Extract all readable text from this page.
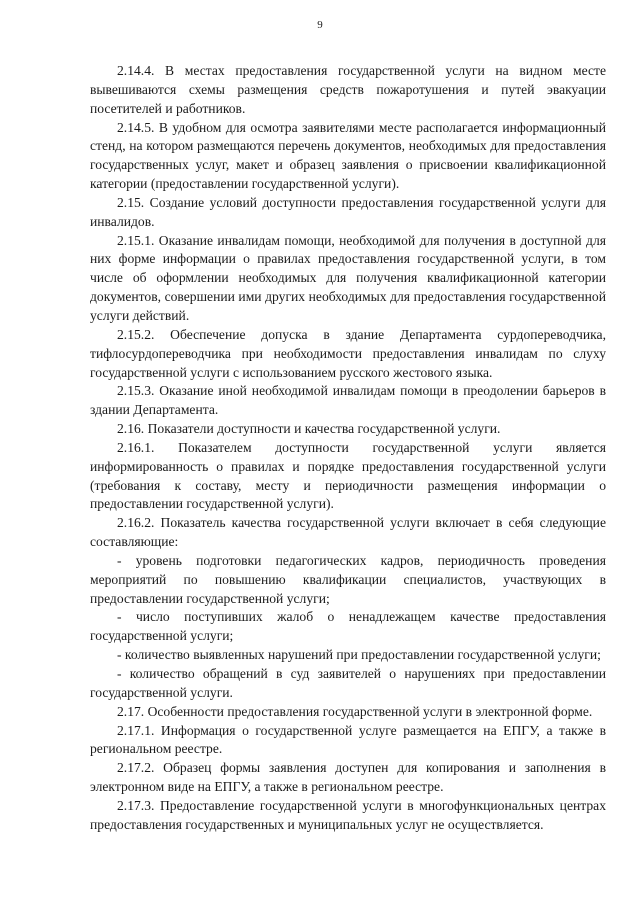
9

2.14.4. В местах предоставления государственной услуги на видном месте вывешиваются схемы размещения средств пожаротушения и путей эвакуации посетителей и работников.

2.14.5. В удобном для осмотра заявителями месте располагается информационный стенд, на котором размещаются перечень документов, необходимых для предоставления государственных услуг, макет и образец заявления о присвоении квалификационной категории (предоставлении государственной услуги).

2.15. Создание условий доступности предоставления государственной услуги для инвалидов.

2.15.1. Оказание инвалидам помощи, необходимой для получения в доступной для них форме информации о правилах предоставления государственной услуги, в том числе об оформлении необходимых для получения квалификационной категории документов, совершении ими других необходимых для предоставления государственной услуги действий.

2.15.2. Обеспечение допуска в здание Департамента сурдопереводчика, тифлосурдопереводчика при необходимости предоставления инвалидам по слуху государственной услуги с использованием русского жестового языка.

2.15.3. Оказание иной необходимой инвалидам помощи в преодолении барьеров в здании Департамента.

2.16. Показатели доступности и качества государственной услуги.

2.16.1. Показателем доступности государственной услуги является информированность о правилах и порядке предоставления государственной услуги (требования к составу, месту и периодичности размещения информации о предоставлении государственной услуги).

2.16.2. Показатель качества государственной услуги включает в себя следующие составляющие:

- уровень подготовки педагогических кадров, периодичность проведения мероприятий по повышению квалификации специалистов, участвующих в предоставлении государственной услуги;

- число поступивших жалоб о ненадлежащем качестве предоставления государственной услуги;

- количество выявленных нарушений при предоставлении государственной услуги;

- количество обращений в суд заявителей о нарушениях при предоставлении государственной услуги.

2.17. Особенности предоставления государственной услуги в электронной форме.

2.17.1. Информация о государственной услуге размещается на ЕПГУ, а также в региональном реестре.

2.17.2. Образец формы заявления доступен для копирования и заполнения в электронном виде на ЕПГУ, а также в региональном реестре.

2.17.3. Предоставление государственной услуги в многофункциональных центрах предоставления государственных и муниципальных услуг не осуществляется.
